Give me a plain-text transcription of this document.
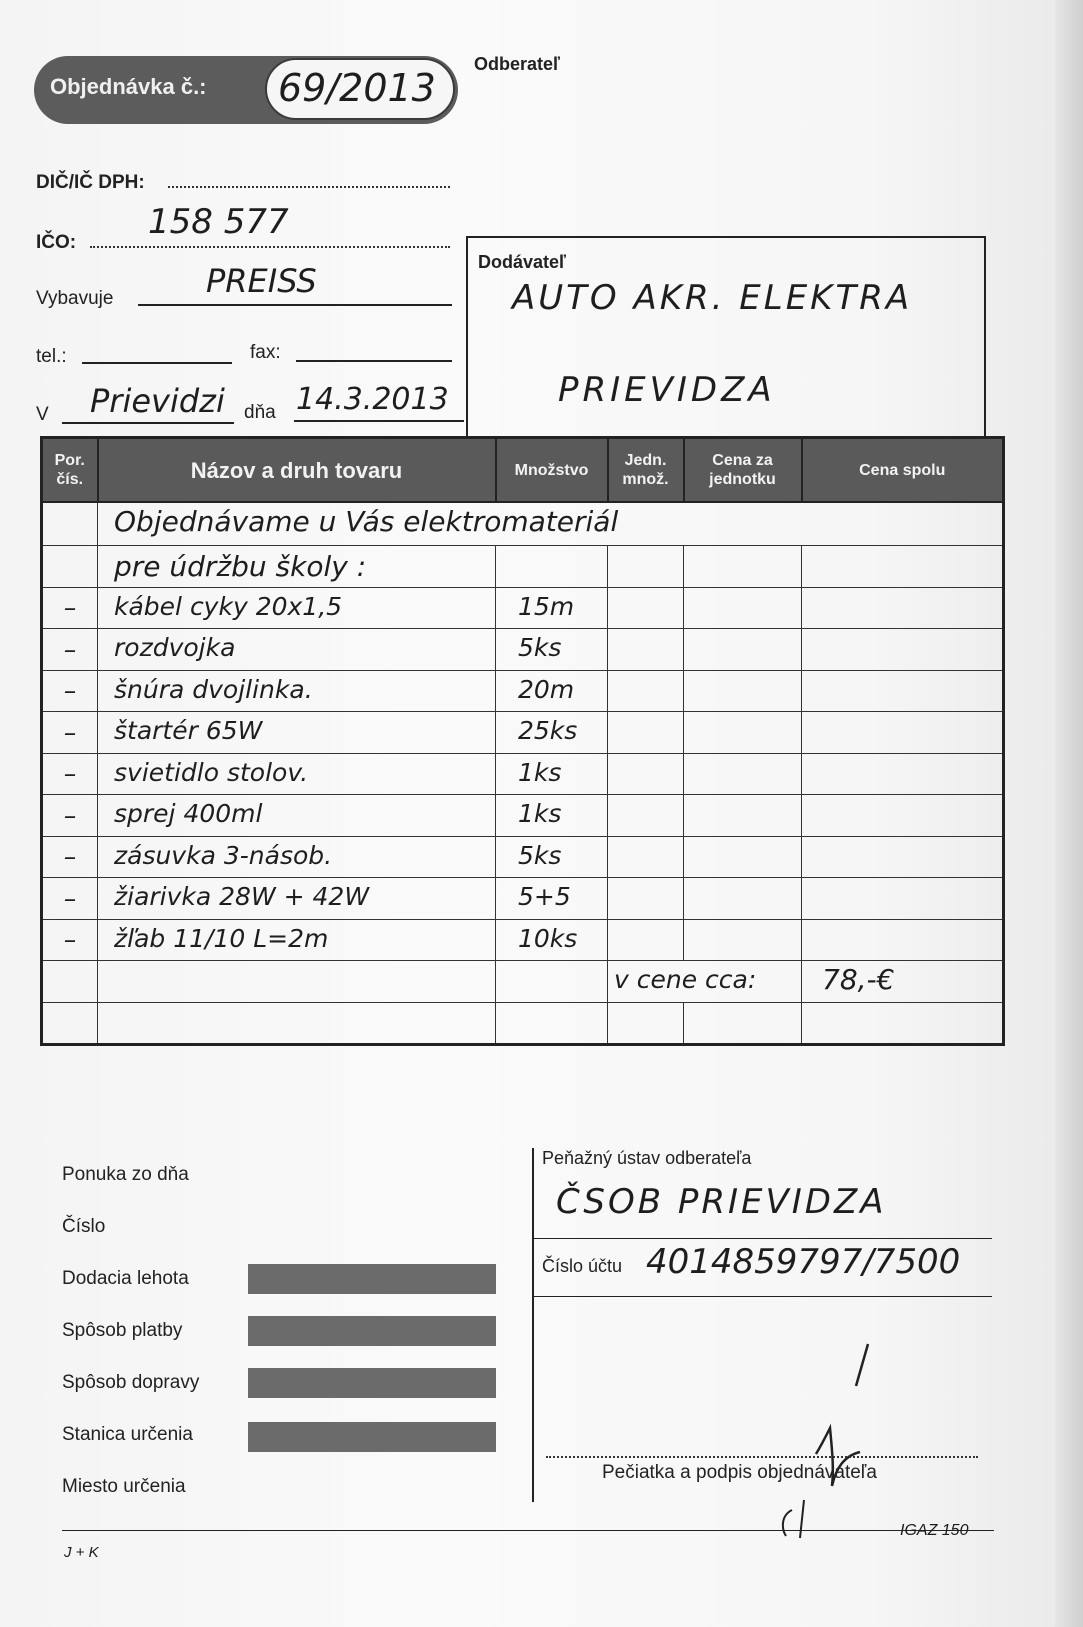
Objednávka č.: 69/2013
Odberateľ
DIČ/IČ DPH:
IČO:
158 577
Vybavuje	PREISS
tel.:	fax:
V Prievidzi dňa 14.3.2013
Dodávateľ
AUTO AKR. ELEKTRA
PRIEVIDZA
Por. čís.	Názov a druh tovaru	Množstvo	Jedn. množ.	Cena za jednotku	Cena spolu

	Objednávame u Vás elektromateriál				

	pre údržbu školy :				

–	kábel cyky 20x1,5	15m			

–	rozdvojka	5ks			

–	šnúra dvojlinka.	20m			

–	štartér 65W	25ks			

–	svietidlo stolov.	1ks			

–	sprej 400ml	1ks			

–	zásuvka 3-násob.	5ks			

–	žiarivka 28W + 42W	5+5			

–	žľab 11/10 L=2m	10ks			

			v cene cca:		78,-€

Ponuka zo dňa
Číslo
Dodacia lehota
Spôsob platby
Spôsob dopravy
Stanica určenia
Miesto určenia
Peňažný ústav odberateľa
ČSOB PRIEVIDZA
Číslo účtu 4014859797/7500
Pečiatka a podpis objednávateľa
J + K
IGAZ 150
